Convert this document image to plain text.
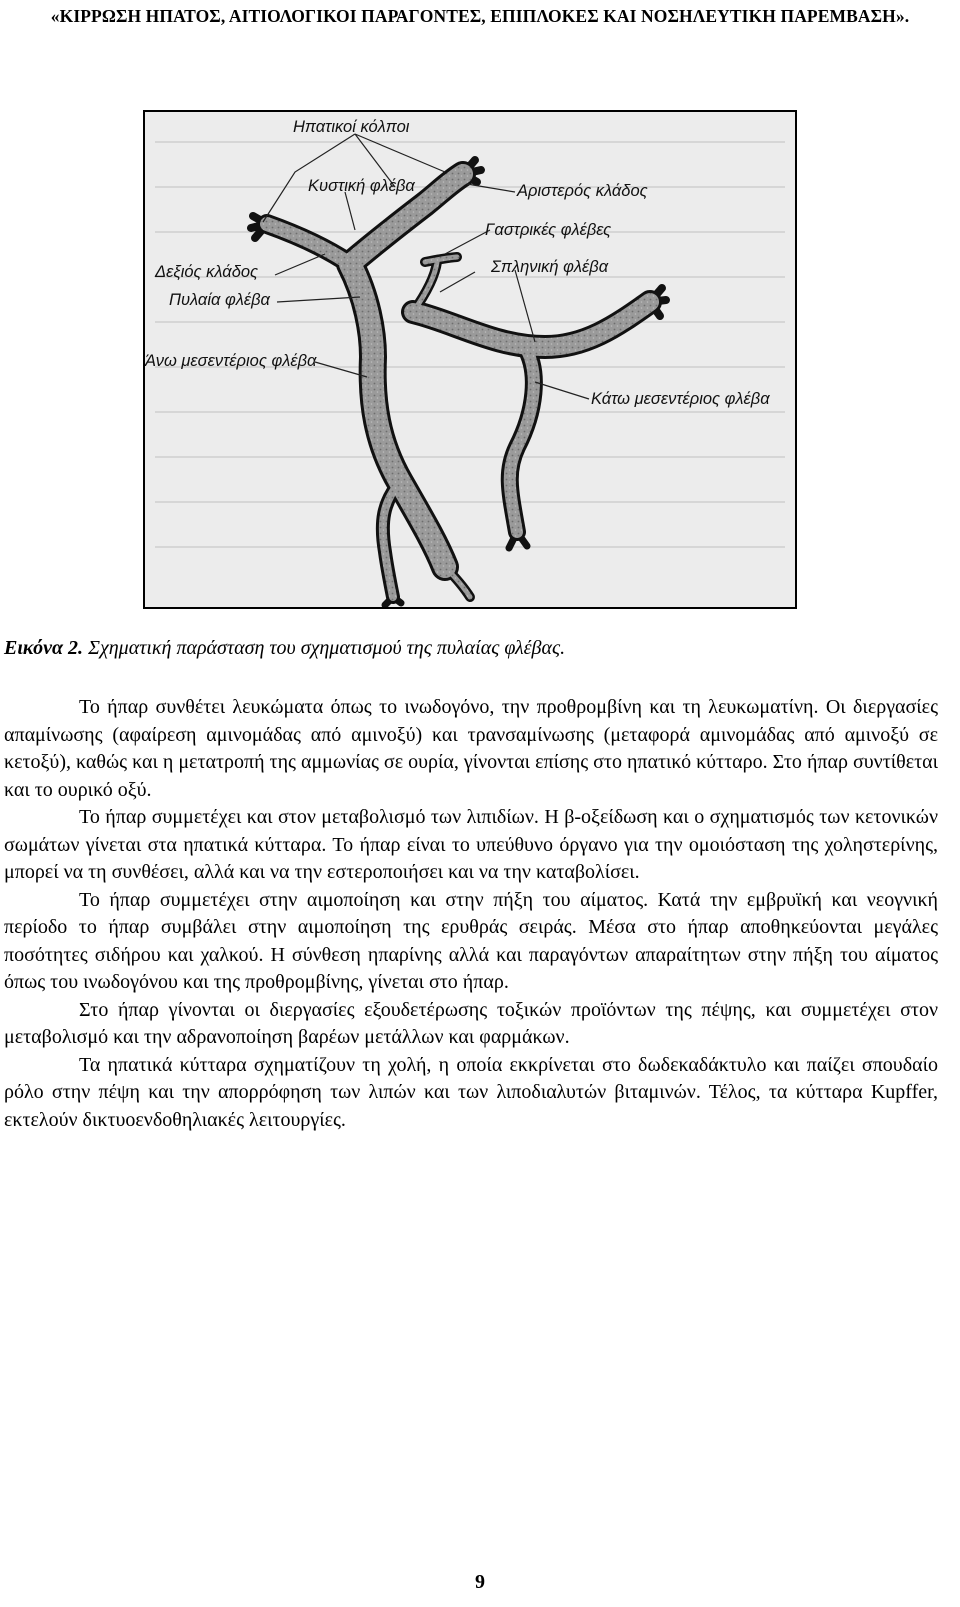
«ΚΙΡΡΩΣΗ ΗΠΑΤΟΣ, ΑΙΤΙΟΛΟΓΙΚΟΙ ΠΑΡΑΓΟΝΤΕΣ, ΕΠΙΠΛΟΚΕΣ ΚΑΙ ΝΟΣΗΛΕΥΤΙΚΗ ΠΑΡΕΜΒΑΣΗ».
Ηπατικοί κόλποι
Κυστική φλέβα	Αριστερός κλάδος
Γαστρικές φλέβες
Δεξιός κλάδος	Σπληνική φλέβα
Πυλαία φλέβα
Άνω μεσεντέριος φλέβα
Κάτω μεσεντέριος φλέβα
Εικόνα 2. Σχηματική παράσταση του σχηματισμού της πυλαίας φλέβας.

Το ήπαρ συνθέτει λευκώματα όπως το ινωδογόνο, την προθρομβίνη και τη λευκωματίνη. Οι διεργασίες απαμίνωσης (αφαίρεση αμινομάδας από αμινοξύ) και τρανσαμίνωσης (μεταφορά αμινομάδας από αμινοξύ σε κετοξύ), καθώς και η μετατροπή της αμμωνίας σε ουρία, γίνονται επίσης στο ηπατικό κύτταρο. Στο ήπαρ συντίθεται και το ουρικό οξύ.

Το ήπαρ συμμετέχει και στον μεταβολισμό των λιπιδίων. Η β-οξείδωση και ο σχηματισμός των κετονικών σωμάτων γίνεται στα ηπατικά κύτταρα. Το ήπαρ είναι το υπεύθυνο όργανο για την ομοιόσταση της χοληστερίνης, μπορεί να τη συνθέσει, αλλά και να την εστεροποιήσει και να την καταβολίσει.

Το ήπαρ συμμετέχει στην αιμοποίηση και στην πήξη του αίματος. Κατά την εμβρυϊκή και νεογνική περίοδο το ήπαρ συμβάλει στην αιμοποίηση της ερυθράς σειράς. Μέσα στο ήπαρ αποθηκεύονται μεγάλες ποσότητες σιδήρου και χαλκού. Η σύνθεση ηπαρίνης αλλά και παραγόντων απαραίτητων στην πήξη του αίματος όπως του ινωδογόνου και της προθρομβίνης, γίνεται στο ήπαρ.

Στο ήπαρ γίνονται οι διεργασίες εξουδετέρωσης τοξικών προϊόντων της πέψης, και συμμετέχει στον μεταβολισμό και την αδρανοποίηση βαρέων μετάλλων και φαρμάκων.

Τα ηπατικά κύτταρα σχηματίζουν τη χολή, η οποία εκκρίνεται στο δωδεκαδάκτυλο και παίζει σπουδαίο ρόλο στην πέψη και την απορρόφηση των λιπών και των λιποδιαλυτών βιταμινών. Τέλος, τα κύτταρα Kupffer, εκτελούν δικτυοενδοθηλιακές λειτουργίες.

9
